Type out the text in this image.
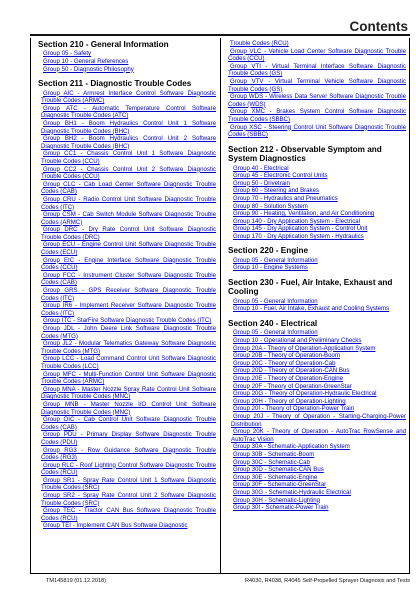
Contents
Section 210 - General Information
Group 05 - Safety
Group 10 - General References
Group 50 - Diagnostic Philosophy
Section 211 - Diagnostic Trouble Codes
Group AIC - Armrest Interface Control Software Diagnostic Trouble Codes (ARMC)
Group ATC - Automatic Temperature Control Software Diagnostic Trouble Codes (ATC)
Group BH1 - Boom Hydraulics Control Unit 1 Software Diagnostic Trouble Codes (BHC)
Group BH2 - Boom Hydraulics Control Unit 2 Software Diagnostic Trouble Codes (BHC)
Group CC1 - Chassis Control Unit 1 Software Diagnostic Trouble Codes (CCU)
Group CC2 - Chassis Control Unit 2 Software Diagnostic Trouble Codes (CCU)
Group CLC - Cab Load Center Software Diagnostic Trouble Codes (CAB)
Group CRU - Radio Control Unit Software Diagnostic Trouble Codes (ITC)
Group CSM - Cab Switch Module Software Diagnostic Trouble Codes (ARMC)
Group DRC - Dry Rate Control Unit Software Diagnostic Trouble Codes (DRC)
Group ECU - Engine Control Unit Software Diagnostic Trouble Codes (ECU)
Group EIC - Engine Interface Software Diagnostic Trouble Codes (CCU)
Group FCC - Instrument Cluster Software Diagnostic Trouble Codes (CAB)
Group GRS - GPS Receiver Software Diagnostic Trouble Codes (ITC)
Group IR6 - Implement Receiver Software Diagnostic Trouble Codes (ITC)
Group ITC - StarFire Software Diagnostic Trouble Codes (ITC)
Group JDL - John Deere Link Software Diagnostic Trouble Codes (MTG)
Group JL2 - Modular Telematics Gateway Software Diagnostic Trouble Codes (MTG)
Group LCC - Load Command Control Unit Software Diagnostic Trouble Codes (LCC)
Group MFC - Multi-Function Control Unit Software Diagnostic Trouble Codes (ARMC)
Group MNA - Master Nozzle Spray Rate Control Unit Software Diagnostic Trouble Codes (MNC)
Group MNB - Master Nozzle I/O Control Unit Software Diagnostic Trouble Codes (MNC)
Group OIC - Cab Control Unit Software Diagnostic Trouble Codes (CAB)
Group PDU - Primary Display Software Diagnostic Trouble Codes (PDU)
Group RG3 - Row Guidance Software Diagnostic Trouble Codes (RG3)
Group RLC - Roof Lighting Control Software Diagnostic Trouble Codes (RCU)
Group SR1 - Spray Rate Control Unit 1 Software Diagnostic Trouble Codes (SRC)
Group SR2 - Spray Rate Control Unit 2 Software Diagnostic Trouble Codes (SRC)
Group TEC - Tractor CAN Bus Software Diagnostic Trouble Codes (RCU)
Group TEI - Implement CAN Bus Software Diagnostic
Trouble Codes (RCU)
Group VLC - Vehicle Load Center Software Diagnostic Trouble Codes (CCU)
Group VTI - Virtual Terminal Interface Software Diagnostic Trouble Codes (GS)
Group VTV - Virtual Terminal Vehicle Software Diagnostic Trouble Codes (GS)
Group WDS - Wireless Data Server Software Diagnostic Trouble Codes (WDS)
Group XMC - Brakes System Control Software Diagnostic Trouble Codes (SBBC)
Group XSC - Steering Control Unit Software Diagnostic Trouble Codes (SBBC)
Section 212 - Observable Symptom and System Diagnostics
Group 40 - Electrical
Group 45 - Electronic Control Units
Group 50 - Drivetrain
Group 60 - Steering and Brakes
Group 70 - Hydraulics and Pneumatics
Group 80 - Solution System
Group 90 - Heating, Ventilation, and Air Conditioning
Group 140 - Dry Application System - Electrical
Group 145 - Dry Application System - Control Unit
Group 170 - Dry Application System - Hydraulics
Section 220 - Engine
Group 05 - General Information
Group 10 - Engine Systems
Section 230 - Fuel, Air Intake, Exhaust and Cooling
Group 05 - General Information
Group 10 - Fuel, Air Intake, Exhaust and Cooling Systems
Section 240 - Electrical
Group 05 - General Information
Group 10 - Operational and Preliminary Checks
Group 20A - Theory of Operation-Application System
Group 20B - Theory of Operation-Boom
Group 20C - Theory of Operation-Cab
Group 20D - Theory of Operation-CAN Bus
Group 20E - Theory of Operation-Engine
Group 20F - Theory of Operation-GreenStar
Group 20G - Theory of Operation-Hydraulic Electrical
Group 20H - Theory of Operation-Lighting
Group 20I - Theory of Operation-Power Train
Group 20J - Theory of Operation - Starting-Charging-Power Distribution
Group 20K - Theory of Operation - AutoTrac RowSense and AutoTrac Vision
Group 30A - Schematic-Application System
Group 30B - Schematic-Boom
Group 30C - Schematic-Cab
Group 30D - Schematic-CAN Bus
Group 30E - Schematic-Engine
Group 30F - Schematic-GreenStar
Group 30G - Schematic-Hydraulic Electrical
Group 30H - Schematic-Lighting
Group 30I - Schematic-Power Train
TM145819 (01.12.2018)	R4030, R4038, R4045 Self-Propelled Sprayer Diagnosis and Tests
